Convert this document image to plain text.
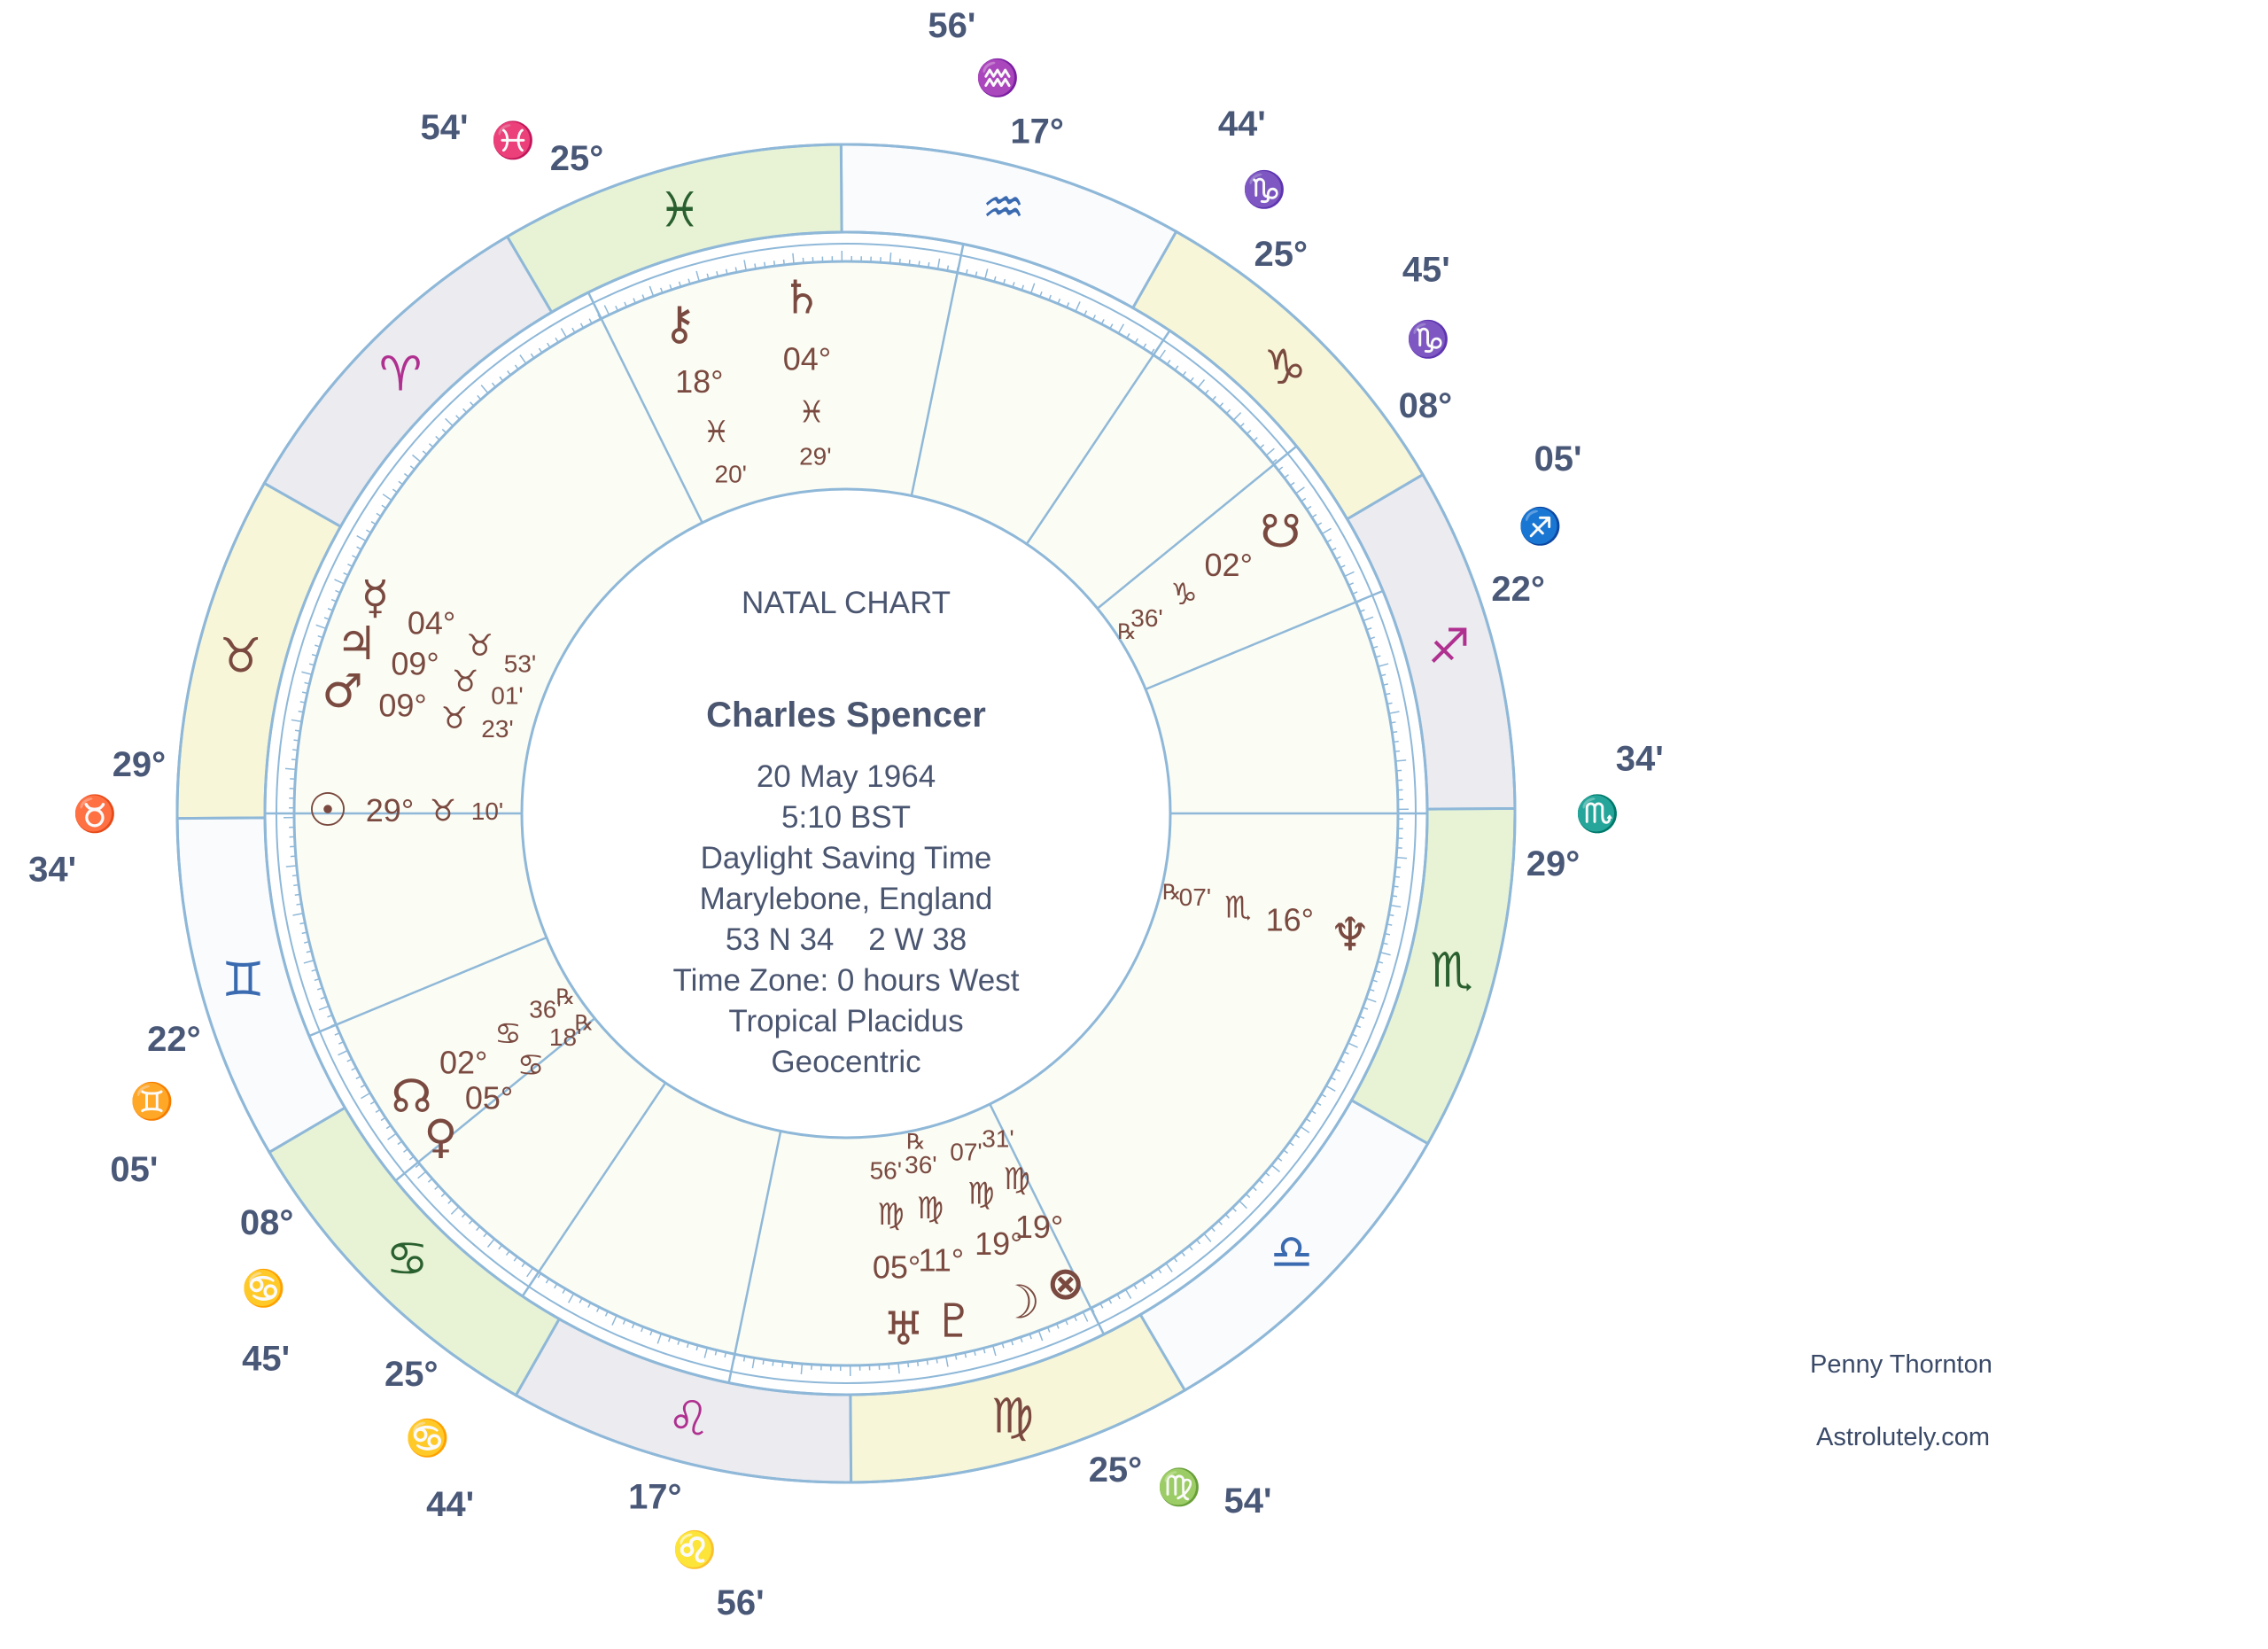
♈
♉
♊
♋
♌	♍
♎
♏
♐
♑
♒
♓
29°
♉
34'
22°
♊
05'
08°
♋
45'	25°
♋
44'	17°
♌
56'
25° ♍ 54'
29°
♏
34'
22°
♐
05'
08°
♑
45'
25°
♑
44'
17°
♒
56'
25°
♓
54'
☿ 04°
♉
53'
♃ 09°
♉ 01'
♂ 09° ♉ 23'
☉ 29° ♉ 10'
☊
02°
♋
36'
℞
♀
05°
♋
18'
℞
♅
05°
♍
56'
♇
11°
♍
36'
℞
☽
19°
♍
07'
⊗
19°
♍
31'
♆
16°
♏
07'
℞
☋
02°
♑
36'
℞
♄
04°
♓
29'
⚷
18°
♓
20'
NATAL CHART
Charles Spencer
20 May 1964
5:10 BST
Daylight Saving Time
Marylebone, England
53 N 34    2 W 38
Time Zone: 0 hours West
Tropical Placidus
Geocentric
Penny Thornton
Astrolutely.com
